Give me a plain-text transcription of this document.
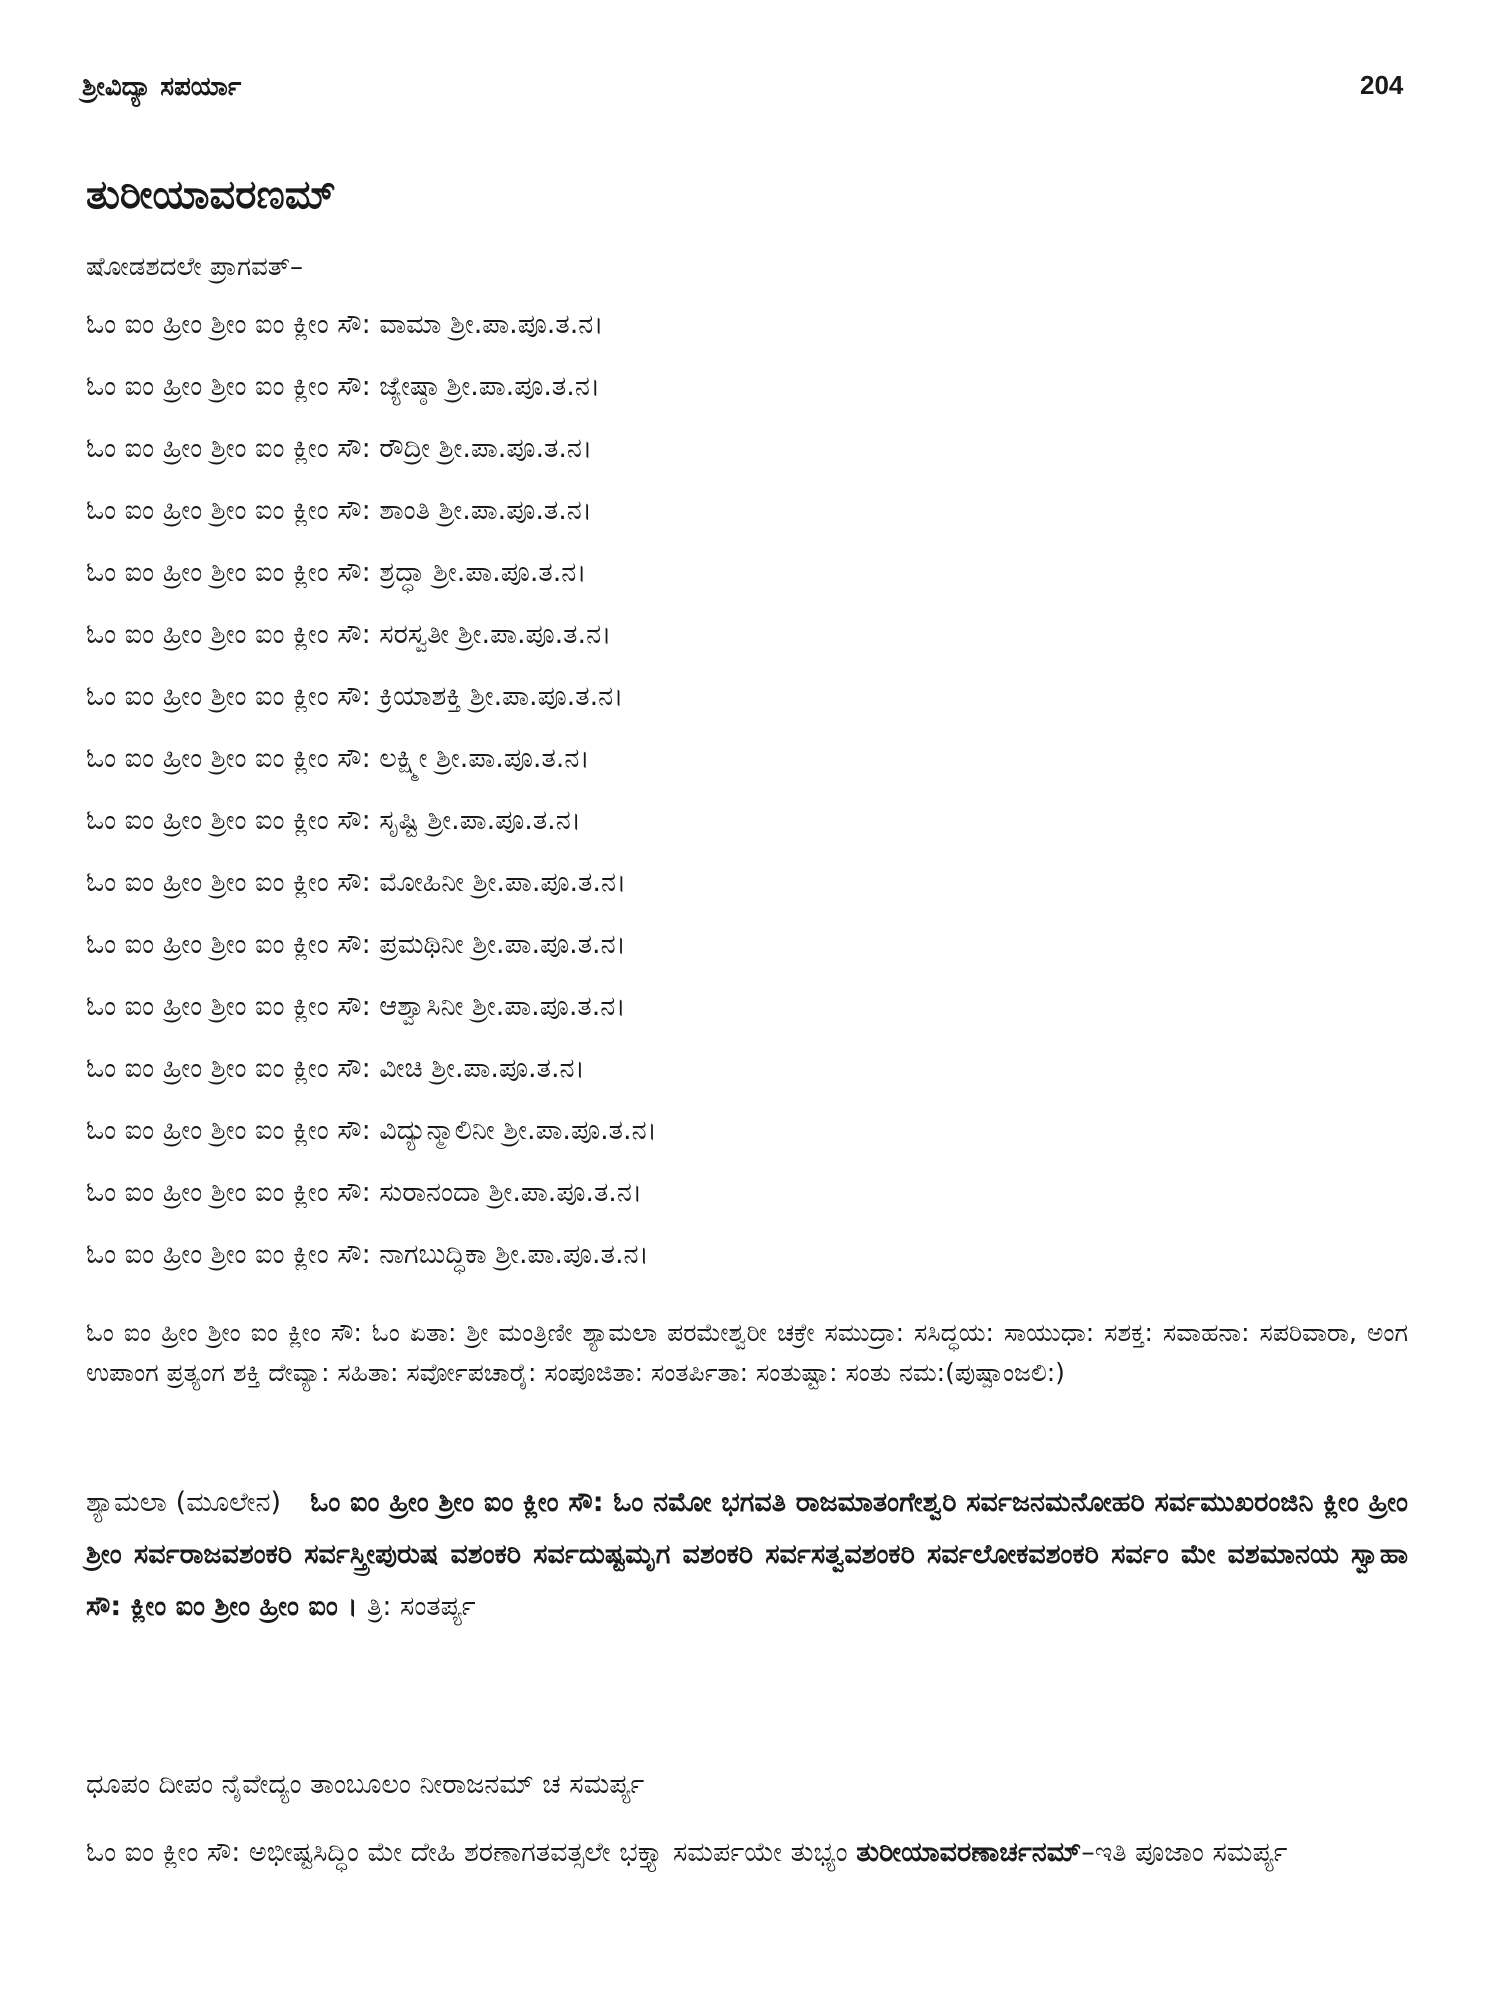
ಶ್ರೀವಿದ್ಯಾ ಸಪರ್ಯಾ	204
ತುರೀಯಾವರಣಮ್
ಷೋಡಶದಲೇ ಪ್ರಾಗವತ್–
ಓಂ ಐಂ ಹ್ರೀಂ ಶ್ರೀಂ ಐಂ ಕ್ಲೀಂ ಸೌ: ವಾಮಾ ಶ್ರೀ.ಪಾ.ಪೂ.ತ.ನ।
ಓಂ ಐಂ ಹ್ರೀಂ ಶ್ರೀಂ ಐಂ ಕ್ಲೀಂ ಸೌ: ಜ್ಯೇಷ್ಠಾ ಶ್ರೀ.ಪಾ.ಪೂ.ತ.ನ।
ಓಂ ಐಂ ಹ್ರೀಂ ಶ್ರೀಂ ಐಂ ಕ್ಲೀಂ ಸೌ: ರೌದ್ರೀ ಶ್ರೀ.ಪಾ.ಪೂ.ತ.ನ।
ಓಂ ಐಂ ಹ್ರೀಂ ಶ್ರೀಂ ಐಂ ಕ್ಲೀಂ ಸೌ: ಶಾಂತಿ ಶ್ರೀ.ಪಾ.ಪೂ.ತ.ನ।
ಓಂ ಐಂ ಹ್ರೀಂ ಶ್ರೀಂ ಐಂ ಕ್ಲೀಂ ಸೌ: ಶ್ರದ್ಧಾ ಶ್ರೀ.ಪಾ.ಪೂ.ತ.ನ।
ಓಂ ಐಂ ಹ್ರೀಂ ಶ್ರೀಂ ಐಂ ಕ್ಲೀಂ ಸೌ: ಸರಸ್ವತೀ ಶ್ರೀ.ಪಾ.ಪೂ.ತ.ನ।
ಓಂ ಐಂ ಹ್ರೀಂ ಶ್ರೀಂ ಐಂ ಕ್ಲೀಂ ಸೌ: ಕ್ರಿಯಾಶಕ್ತಿ ಶ್ರೀ.ಪಾ.ಪೂ.ತ.ನ।
ಓಂ ಐಂ ಹ್ರೀಂ ಶ್ರೀಂ ಐಂ ಕ್ಲೀಂ ಸೌ: ಲಕ್ಷ್ಮೀ ಶ್ರೀ.ಪಾ.ಪೂ.ತ.ನ।
ಓಂ ಐಂ ಹ್ರೀಂ ಶ್ರೀಂ ಐಂ ಕ್ಲೀಂ ಸೌ: ಸೃಷ್ಟಿ ಶ್ರೀ.ಪಾ.ಪೂ.ತ.ನ।
ಓಂ ಐಂ ಹ್ರೀಂ ಶ್ರೀಂ ಐಂ ಕ್ಲೀಂ ಸೌ: ಮೋಹಿನೀ ಶ್ರೀ.ಪಾ.ಪೂ.ತ.ನ।
ಓಂ ಐಂ ಹ್ರೀಂ ಶ್ರೀಂ ಐಂ ಕ್ಲೀಂ ಸೌ: ಪ್ರಮಥಿನೀ ಶ್ರೀ.ಪಾ.ಪೂ.ತ.ನ।
ಓಂ ಐಂ ಹ್ರೀಂ ಶ್ರೀಂ ಐಂ ಕ್ಲೀಂ ಸೌ: ಆಶ್ವಾಸಿನೀ ಶ್ರೀ.ಪಾ.ಪೂ.ತ.ನ।
ಓಂ ಐಂ ಹ್ರೀಂ ಶ್ರೀಂ ಐಂ ಕ್ಲೀಂ ಸೌ: ವೀಚಿ ಶ್ರೀ.ಪಾ.ಪೂ.ತ.ನ।
ಓಂ ಐಂ ಹ್ರೀಂ ಶ್ರೀಂ ಐಂ ಕ್ಲೀಂ ಸೌ: ವಿದ್ಯುನ್ಮಾಲಿನೀ ಶ್ರೀ.ಪಾ.ಪೂ.ತ.ನ।
ಓಂ ಐಂ ಹ್ರೀಂ ಶ್ರೀಂ ಐಂ ಕ್ಲೀಂ ಸೌ: ಸುರಾನಂದಾ ಶ್ರೀ.ಪಾ.ಪೂ.ತ.ನ।
ಓಂ ಐಂ ಹ್ರೀಂ ಶ್ರೀಂ ಐಂ ಕ್ಲೀಂ ಸೌ: ನಾಗಬುದ್ಧಿಕಾ ಶ್ರೀ.ಪಾ.ಪೂ.ತ.ನ।

ಓಂ ಐಂ ಹ್ರೀಂ ಶ್ರೀಂ ಐಂ ಕ್ಲೀಂ ಸೌ: ಓಂ ಏತಾ: ಶ್ರೀ ಮಂತ್ರಿಣೀ ಶ್ಯಾಮಲಾ ಪರಮೇಶ್ವರೀ ಚಕ್ರೇ ಸಮುದ್ರಾ: ಸಸಿದ್ಧಯ: ಸಾಯುಧಾ: ಸಶಕ್ತ: ಸವಾಹನಾ: ಸಪರಿವಾರಾ, ಅಂಗ ಉಪಾಂಗ ಪ್ರತ್ಯಂಗ ಶಕ್ತಿ ದೇವ್ಯಾ: ಸಹಿತಾ: ಸರ್ವೋಪಚಾರೈ: ಸಂಪೂಜಿತಾ: ಸಂತರ್ಪಿತಾ: ಸಂತುಷ್ಟಾ: ಸಂತು ನಮ:(ಪುಷ್ಪಾಂಜಲಿ:)

ಶ್ಯಾಮಲಾ (ಮೂಲೇನ) ಓಂ ಐಂ ಹ್ರೀಂ ಶ್ರೀಂ ಐಂ ಕ್ಲೀಂ ಸೌ: ಓಂ ನಮೋ ಭಗವತಿ ರಾಜಮಾತಂಗೇಶ್ವರಿ ಸರ್ವಜನಮನೋಹರಿ ಸರ್ವಮುಖರಂಜಿನಿ ಕ್ಲೀಂ ಹ್ರೀಂ ಶ್ರೀಂ ಸರ್ವರಾಜವಶಂಕರಿ ಸರ್ವಸ್ತ್ರೀಪುರುಷ ವಶಂಕರಿ ಸರ್ವದುಷ್ಟಮೃಗ ವಶಂಕರಿ ಸರ್ವಸತ್ವವಶಂಕರಿ ಸರ್ವಲೋಕವಶಂಕರಿ ಸರ್ವಂ ಮೇ ವಶಮಾನಯ ಸ್ವಾಹಾ ಸೌ: ಕ್ಲೀಂ ಐಂ ಶ್ರೀಂ ಹ್ರೀಂ ಐಂ । ತ್ರಿ: ಸಂತರ್ಪ್ಯ

ಧೂಪಂ ದೀಪಂ ನೈವೇದ್ಯಂ ತಾಂಬೂಲಂ ನೀರಾಜನಮ್ ಚ ಸಮರ್ಪ್ಯ

ಓಂ ಐಂ ಕ್ಲೀಂ ಸೌ: ಅಭೀಷ್ಟಸಿದ್ಧಿಂ ಮೇ ದೇಹಿ ಶರಣಾಗತವತ್ಸಲೇ ಭಕ್ತ್ಯಾ ಸಮರ್ಪಯೇ ತುಭ್ಯಂ ತುರೀಯಾವರಣಾರ್ಚನಮ್–ಇತಿ ಪೂಜಾಂ ಸಮರ್ಪ್ಯ
